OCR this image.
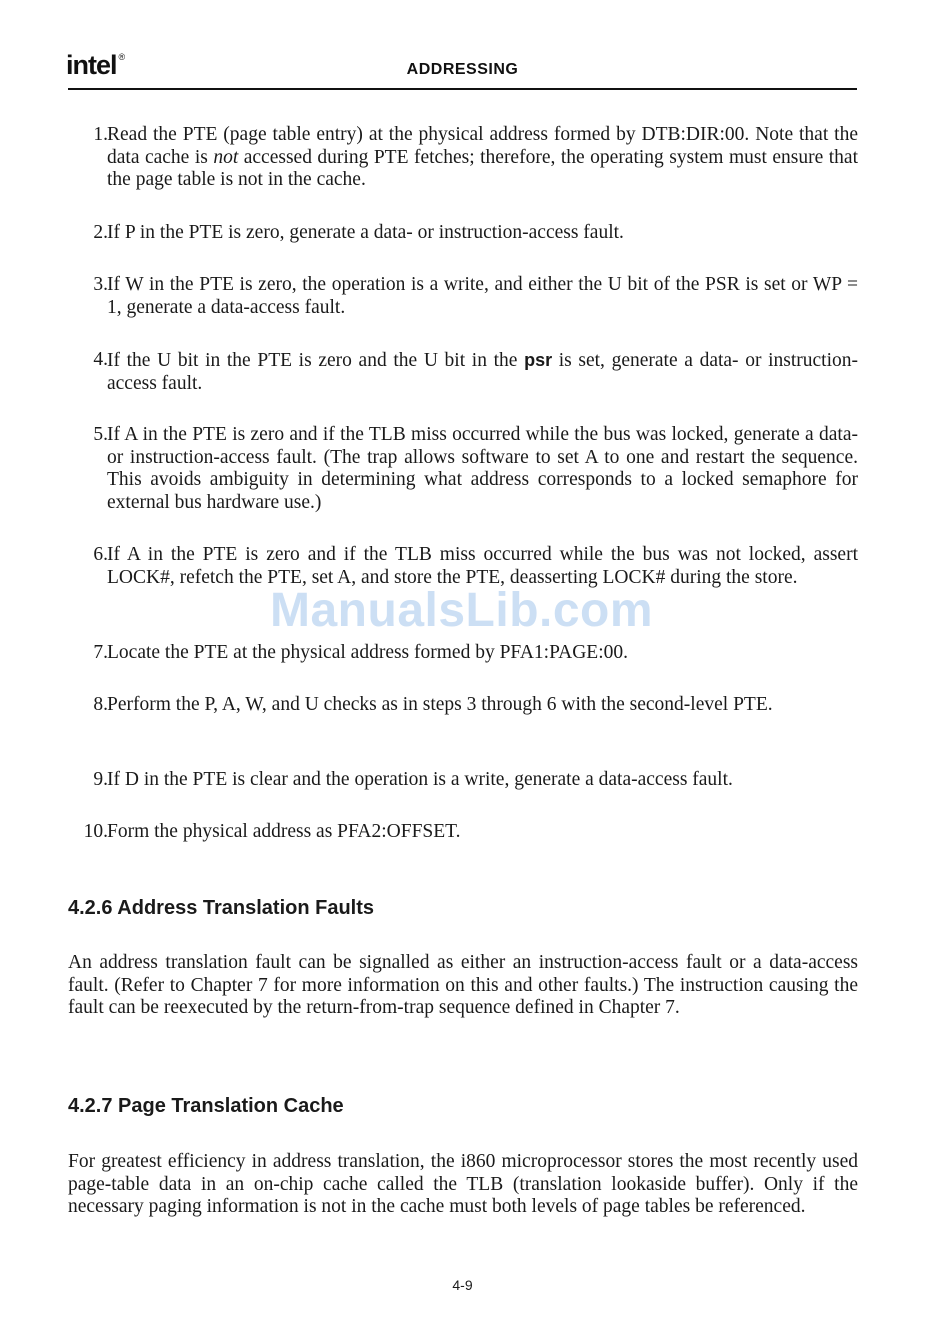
intel ®
ADDRESSING
1. Read the PTE (page table entry) at the physical address formed by DTB:DIR:00. Note that the data cache is not accessed during PTE fetches; therefore, the operating system must ensure that the page table is not in the cache.
2. If P in the PTE is zero, generate a data- or instruction-access fault.
3. If W in the PTE is zero, the operation is a write, and either the U bit of the PSR is set or WP = 1, generate a data-access fault.
4. If the U bit in the PTE is zero and the U bit in the psr is set, generate a data- or instruction-access fault.
5. If A in the PTE is zero and if the TLB miss occurred while the bus was locked, generate a data- or instruction-access fault. (The trap allows software to set A to one and restart the sequence. This avoids ambiguity in determining what address corresponds to a locked semaphore for external bus hardware use.)
6. If A in the PTE is zero and if the TLB miss occurred while the bus was not locked, assert LOCK#, refetch the PTE, set A, and store the PTE, deasserting LOCK# during the store.
7. Locate the PTE at the physical address formed by PFA1:PAGE:00.
8. Perform the P, A, W, and U checks as in steps 3 through 6 with the second-level PTE.
9. If D in the PTE is clear and the operation is a write, generate a data-access fault.
10. Form the physical address as PFA2:OFFSET.
ManualsLib.com
4.2.6 Address Translation Faults
An address translation fault can be signalled as either an instruction-access fault or a data-access fault. (Refer to Chapter 7 for more information on this and other faults.) The instruction causing the fault can be reexecuted by the return-from-trap sequence defined in Chapter 7.
4.2.7 Page Translation Cache
For greatest efficiency in address translation, the i860 microprocessor stores the most recently used page-table data in an on-chip cache called the TLB (translation lookaside buffer). Only if the necessary paging information is not in the cache must both levels of page tables be referenced.
4-9
